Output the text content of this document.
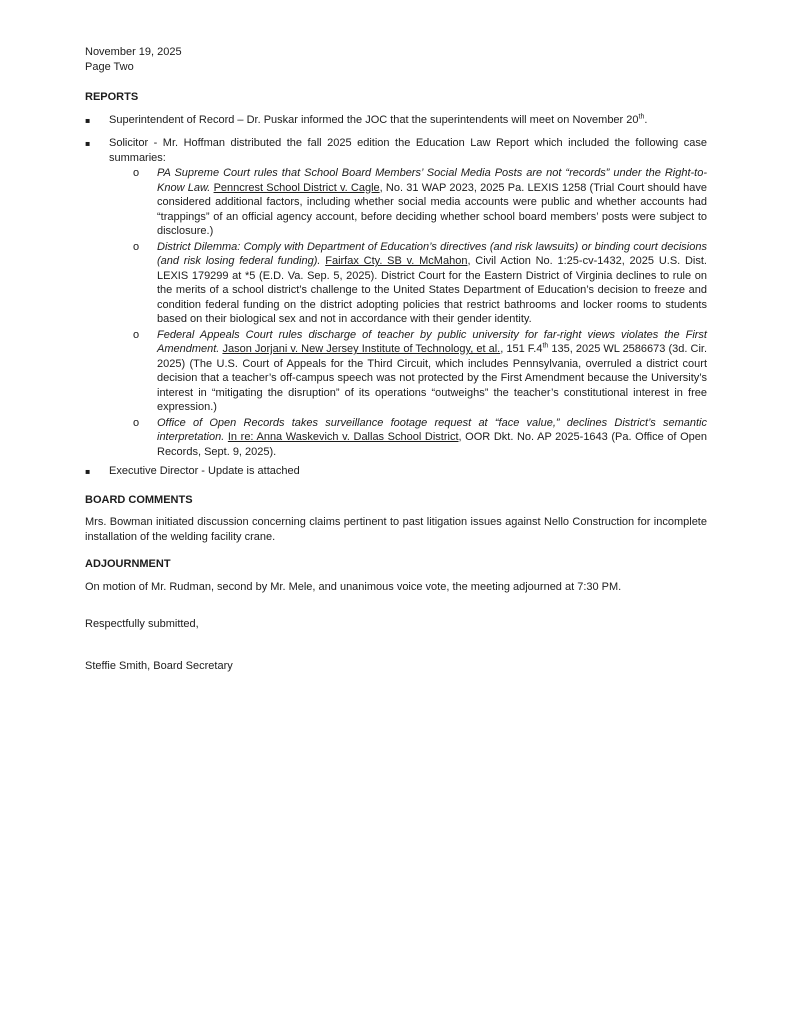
November 19, 2025
Page Two
REPORTS
▪	Superintendent of Record – Dr. Puskar informed the JOC that the superintendents will meet on November 20th.
▪	Solicitor - Mr. Hoffman distributed the fall 2025 edition the Education Law Report which included the following case summaries:
o	PA Supreme Court rules that School Board Members’ Social Media Posts are not “records” under the Right-to-Know Law. Penncrest School District v. Cagle, No. 31 WAP 2023, 2025 Pa. LEXIS 1258 (Trial Court should have considered additional factors, including whether social media accounts were public and whether accounts had “trappings” of an official agency account, before deciding whether school board members’ posts were subject to disclosure.)
o	District Dilemma: Comply with Department of Education’s directives (and risk lawsuits) or binding court decisions (and risk losing federal funding). Fairfax Cty. SB v. McMahon, Civil Action No. 1:25-cv-1432, 2025 U.S. Dist. LEXIS 179299 at *5 (E.D. Va. Sep. 5, 2025). District Court for the Eastern District of Virginia declines to rule on the merits of a school district’s challenge to the United States Department of Education’s decision to freeze and condition federal funding on the district adopting policies that restrict bathrooms and locker rooms to students based on their biological sex and not in accordance with their gender identity.
o	Federal Appeals Court rules discharge of teacher by public university for far-right views violates the First Amendment. Jason Jorjani v. New Jersey Institute of Technology, et al., 151 F.4th 135, 2025 WL 2586673 (3d. Cir. 2025) (The U.S. Court of Appeals for the Third Circuit, which includes Pennsylvania, overruled a district court decision that a teacher’s off-campus speech was not protected by the First Amendment because the University’s interest in “mitigating the disruption” of its operations “outweighs” the teacher’s constitutional interest in free expression.)
o	Office of Open Records takes surveillance footage request at “face value,” declines District’s semantic interpretation. In re: Anna Waskevich v. Dallas School District, OOR Dkt. No. AP 2025-1643 (Pa. Office of Open Records, Sept. 9, 2025).
▪	Executive Director - Update is attached
BOARD COMMENTS
Mrs. Bowman initiated discussion concerning claims pertinent to past litigation issues against Nello Construction for incomplete installation of the welding facility crane.
ADJOURNMENT
On motion of Mr. Rudman, second by Mr. Mele, and unanimous voice vote, the meeting adjourned at 7:30 PM.
Respectfully submitted,
Steffie Smith, Board Secretary
